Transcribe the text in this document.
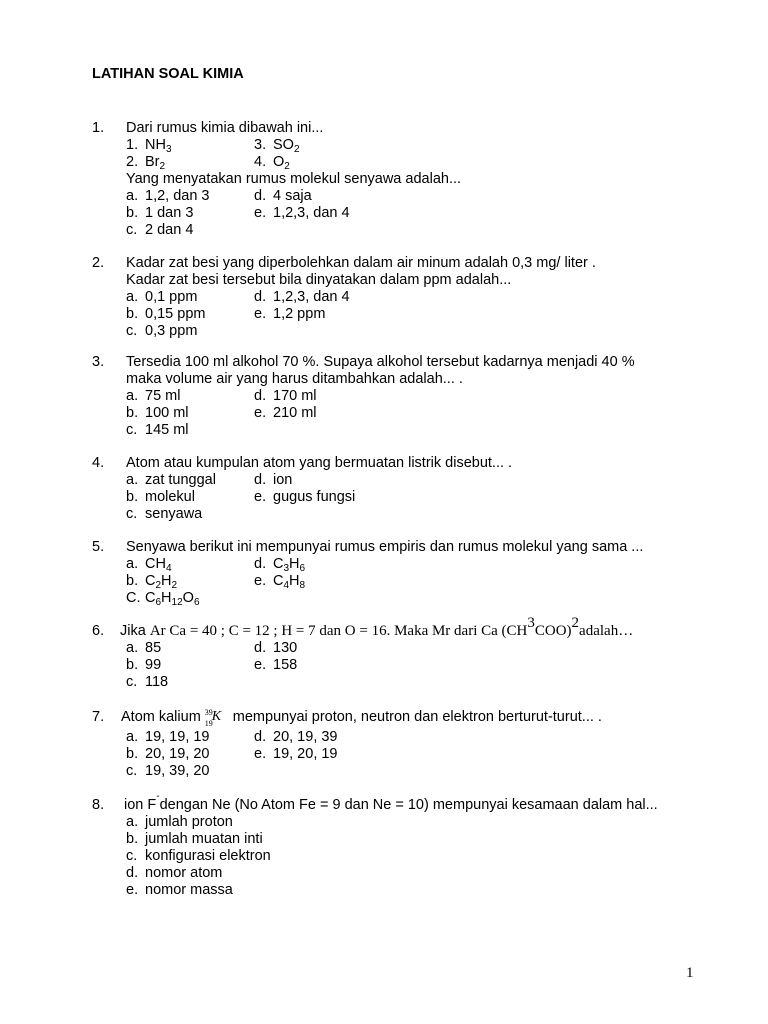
LATIHAN SOAL KIMIA
1. Dari rumus kimia dibawah ini...
1. $NH_3$	3. $SO_2$
2. $Br_2$	4. $O_2$
Yang menyatakan rumus molekul senyawa adalah...
a. 1,2, dan 3	d. 4 saja
b. 1 dan 3	e. 1,2,3, dan 4
c. 2 dan 4
2. Kadar zat besi yang diperbolehkan dalam air minum adalah 0,3 mg/ liter .
Kadar zat besi tersebut bila dinyatakan dalam ppm adalah...
a. 0,1 ppm	d. 1,2,3, dan 4
b. 0,15 ppm	e. 1,2 ppm
c. 0,3 ppm
3. Tersedia 100 ml alkohol 70 %. Supaya alkohol tersebut kadarnya menjadi 40 %
maka volume air yang harus ditambahkan adalah... .
a. 75 ml	d. 170 ml
b. 100 ml	e. 210 ml
c. 145 ml
4. Atom atau kumpulan atom yang bermuatan listrik disebut... .
a. zat tunggal	d. ion
b. molekul	e. gugus fungsi
c. senyawa
5. Senyawa berikut ini mempunyai rumus empiris dan rumus molekul yang sama ...
a. $CH_4$	d. $C_3H_6$
b. $C_2H_2$	e. $C_4H_8$
C. $C_6H_{12}O_6$
6. Jika
Ar Ca = 40 ; C = 12 ; H = 7 dan O = 16. Maka Mr dari Ca (CH 3 COO) 2 adalah…
a. 85	d. 130
b. 99	e. 158
c. 118
7. Atom kalium 39
19 K mempunyai proton, neutron dan elektron berturut-turut... .
a. 19, 19, 19	d. 20, 19, 39
b. 20, 19, 20	e. 19, 20, 19
c. 19, 39, 20
8. ion F
-
dengan Ne (No Atom Fe = 9 dan Ne = 10) mempunyai kesamaan dalam hal...
a. jumlah proton
b. jumlah muatan inti
c. konfigurasi elektron
d. nomor atom
e. nomor massa
1
